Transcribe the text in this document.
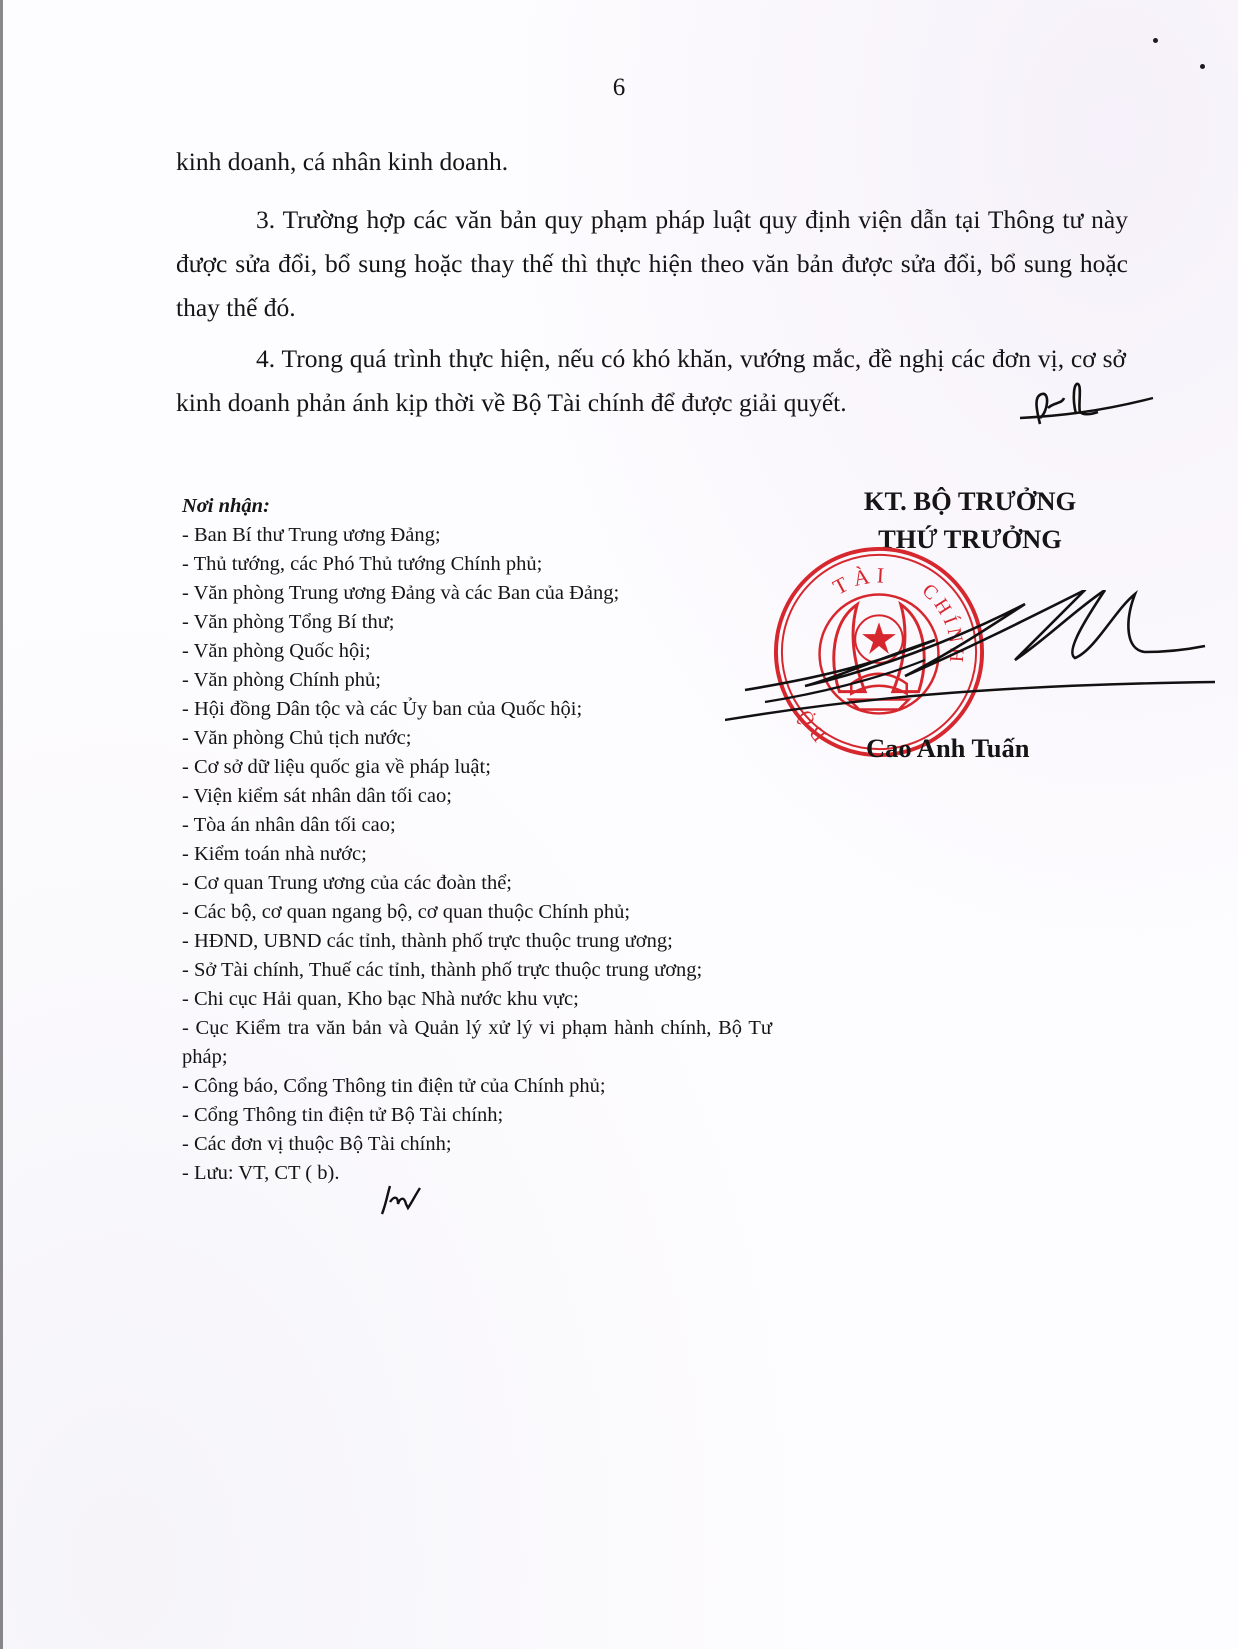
6

kinh doanh, cá nhân kinh doanh.

3. Trường hợp các văn bản quy phạm pháp luật quy định viện dẫn tại Thông tư này được sửa đổi, bổ sung hoặc thay thế thì thực hiện theo văn bản được sửa đổi, bổ sung hoặc thay thế đó.

4. Trong quá trình thực hiện, nếu có khó khăn, vướng mắc, đề nghị các đơn vị, cơ sở kinh doanh phản ánh kịp thời về Bộ Tài chính để được giải quyết.

Nơi nhận:
- Ban Bí thư Trung ương Đảng;
- Thủ tướng, các Phó Thủ tướng Chính phủ;
- Văn phòng Trung ương Đảng và các Ban của Đảng;
- Văn phòng Tổng Bí thư;
- Văn phòng Quốc hội;
- Văn phòng Chính phủ;
- Hội đồng Dân tộc và các Ủy ban của Quốc hội;
- Văn phòng Chủ tịch nước;
- Cơ sở dữ liệu quốc gia về pháp luật;
- Viện kiểm sát nhân dân tối cao;
- Tòa án nhân dân tối cao;
- Kiểm toán nhà nước;
- Cơ quan Trung ương của các đoàn thể;
- Các bộ, cơ quan ngang bộ, cơ quan thuộc Chính phủ;
- HĐND, UBND các tỉnh, thành phố trực thuộc trung ương;
- Sở Tài chính, Thuế các tỉnh, thành phố trực thuộc trung ương;
- Chi cục Hải quan, Kho bạc Nhà nước khu vực;
- Cục Kiểm tra văn bản và Quản lý xử lý vi phạm hành chính, Bộ Tư pháp;
- Công báo, Cổng Thông tin điện tử của Chính phủ;
- Cổng Thông tin điện tử Bộ Tài chính;
- Các đơn vị thuộc Bộ Tài chính;
- Lưu: VT, CT ( b).
KT. BỘ TRƯỞNG
THỨ TRƯỞNG
TÀI
CHÍNH
BỘ
Cao Anh Tuấn
